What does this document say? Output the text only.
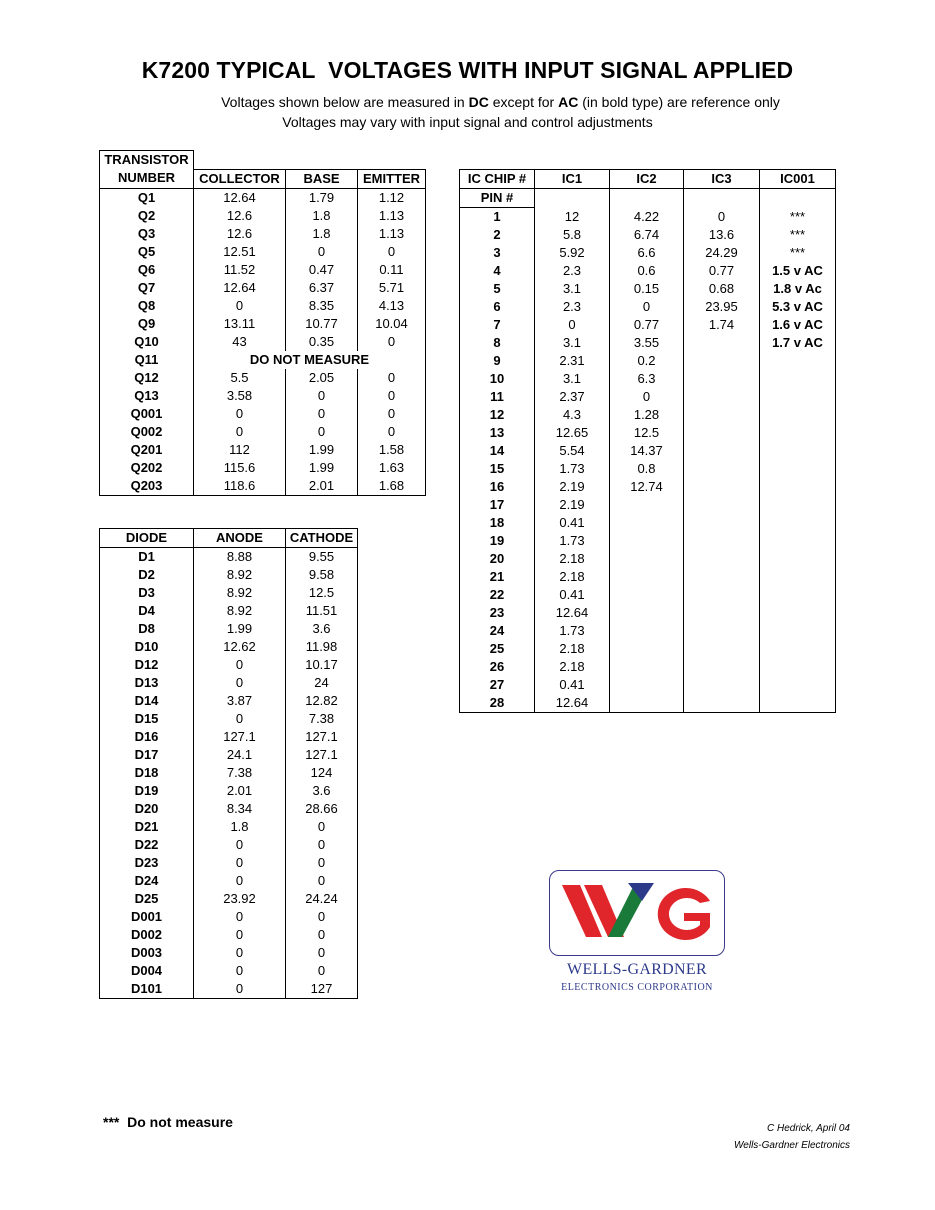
K7200 TYPICAL  VOLTAGES WITH INPUT SIGNAL APPLIED
Voltages shown below are measured in DC except for AC (in bold type) are reference only
Voltages may vary with input signal and control adjustments
TRANSISTOR			
NUMBER	COLLECTOR	BASE	EMITTER
Q1	12.64	1.79	1.12
Q2	12.6	1.8	1.13
Q3	12.6	1.8	1.13
Q5	12.51	0	0
Q6	11.52	0.47	0.11
Q7	12.64	6.37	5.71
Q8	0	8.35	4.13
Q9	13.11	10.77	10.04
Q10	43	0.35	0
Q11	DO NOT MEASURE		
Q12	5.5	2.05	0
Q13	3.58	0	0
Q001	0	0	0
Q002	0	0	0
Q201	112	1.99	1.58
Q202	115.6	1.99	1.63
Q203	118.6	2.01	1.68
DIODE	ANODE	CATHODE
D1	8.88	9.55
D2	8.92	9.58
D3	8.92	12.5
D4	8.92	11.51
D8	1.99	3.6
D10	12.62	11.98
D12	0	10.17
D13	0	24
D14	3.87	12.82
D15	0	7.38
D16	127.1	127.1
D17	24.1	127.1
D18	7.38	124
D19	2.01	3.6
D20	8.34	28.66
D21	1.8	0
D22	0	0
D23	0	0
D24	0	0
D25	23.92	24.24
D001	0	0
D002	0	0
D003	0	0
D004	0	0
D101	0	127
IC CHIP #	IC1	IC2	IC3	IC001
PIN #				
1	12	4.22	0	***
2	5.8	6.74	13.6	***
3	5.92	6.6	24.29	***
4	2.3	0.6	0.77	1.5 v AC
5	3.1	0.15	0.68	1.8 v Ac
6	2.3	0	23.95	5.3 v AC
7	0	0.77	1.74	1.6 v AC
8	3.1	3.55		1.7 v AC
9	2.31	0.2		
10	3.1	6.3		
11	2.37	0		
12	4.3	1.28		
13	12.65	12.5		
14	5.54	14.37		
15	1.73	0.8		
16	2.19	12.74		
17	2.19			
18	0.41			
19	1.73			
20	2.18			
21	2.18			
22	0.41			
23	12.64			
24	1.73			
25	2.18			
26	2.18			
27	0.41			
28	12.64			
WELLS-GARDNER
ELECTRONICS CORPORATION
***  Do not measure	C Hedrick, April 04
Wells-Gardner Electronics
